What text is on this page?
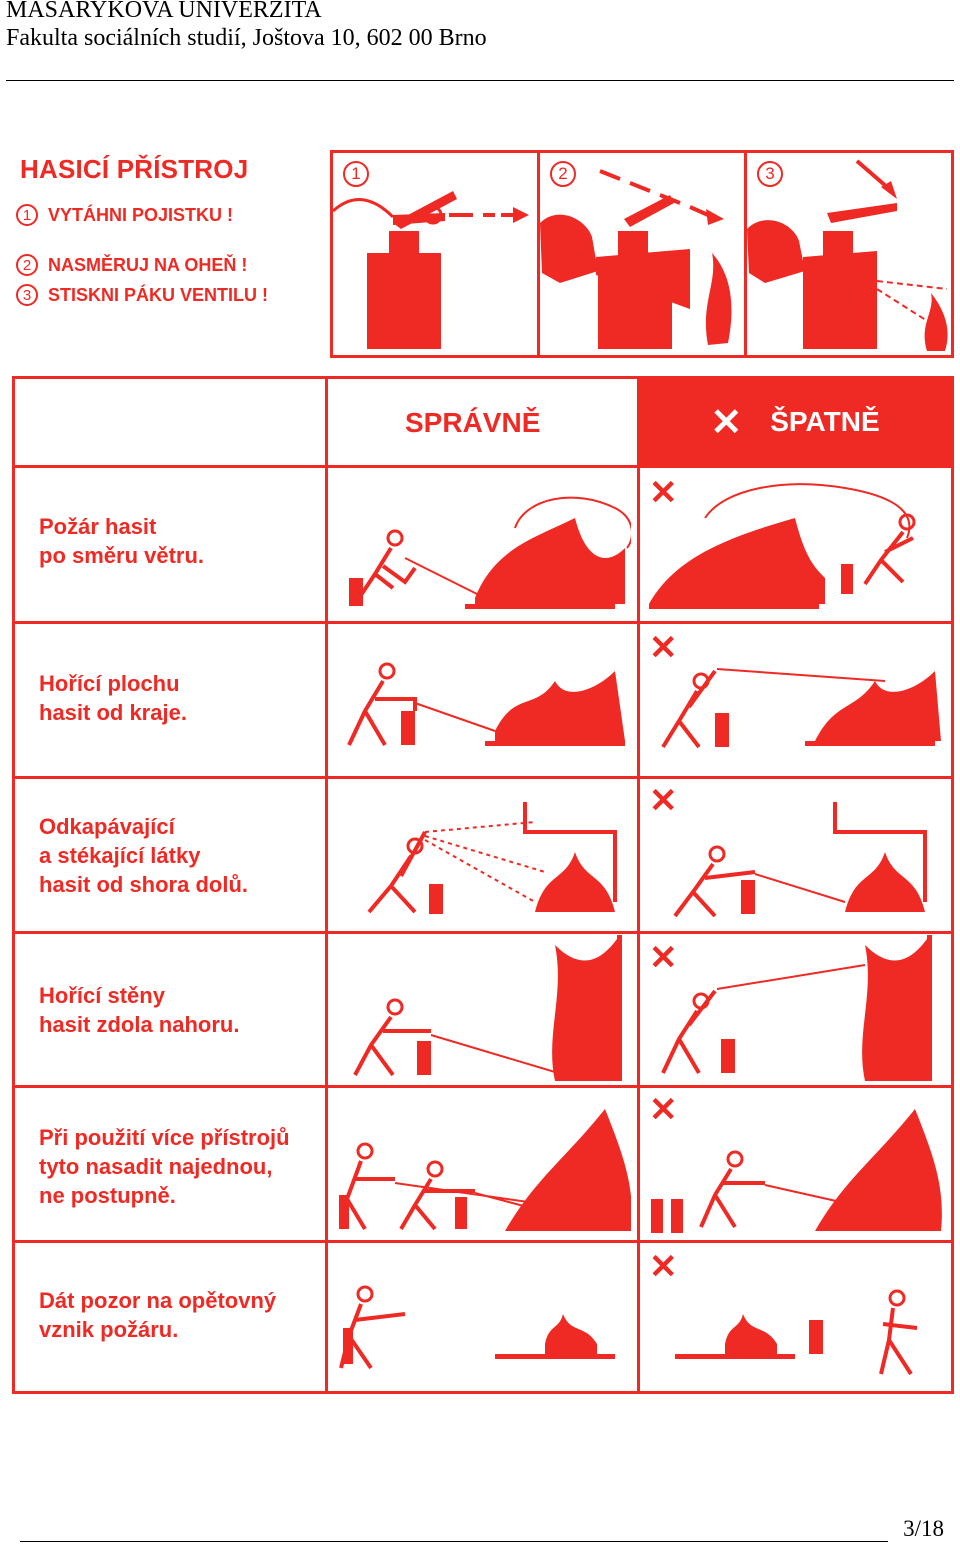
MASARYKOVA UNIVERZITA
Fakulta sociálních studií, Joštova 10, 602 00 Brno
HASICÍ PŘÍSTROJ
1 VYTÁHNI POJISTKU !
2 NASMĚRUJ NA OHEŇ !
3 STISKNI PÁKU VENTILU !
1	2	3
SPRÁVNĚ	✕ ŠPATNĚ
Požár hasit
po směru větru.
✕
Hořící plochu
hasit od kraje.
✕
Odkapávající
a stékající látky
hasit od shora dolů.
✕
Hořící stěny
hasit zdola nahoru.
✕
Při použití více přístrojů
tyto nasadit najednou,
ne postupně.
✕
Dát pozor na opětovný
vznik požáru.
✕
3/18
